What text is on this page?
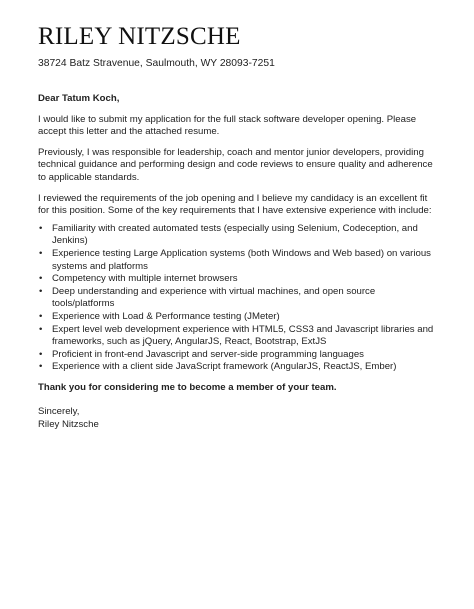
RILEY NITZSCHE
38724 Batz Stravenue, Saulmouth, WY 28093-7251

Dear Tatum Koch,

I would like to submit my application for the full stack software developer opening. Please accept this letter and the attached resume.

Previously, I was responsible for leadership, coach and mentor junior developers, providing technical guidance and performing design and code reviews to ensure quality and adherence to applicable standards.

I reviewed the requirements of the job opening and I believe my candidacy is an excellent fit for this position. Some of the key requirements that I have extensive experience with include:

• Familiarity with created automated tests (especially using Selenium, Codeception, and Jenkins)
• Experience testing Large Application systems (both Windows and Web based) on various systems and platforms
• Competency with multiple internet browsers
• Deep understanding and experience with virtual machines, and open source tools/platforms
• Experience with Load & Performance testing (JMeter)
• Expert level web development experience with HTML5, CSS3 and Javascript libraries and frameworks, such as jQuery, AngularJS, React, Bootstrap, ExtJS
• Proficient in front-end Javascript and server-side programming languages
• Experience with a client side JavaScript framework (AngularJS, ReactJS, Ember)

Thank you for considering me to become a member of your team.

Sincerely,

Riley Nitzsche
